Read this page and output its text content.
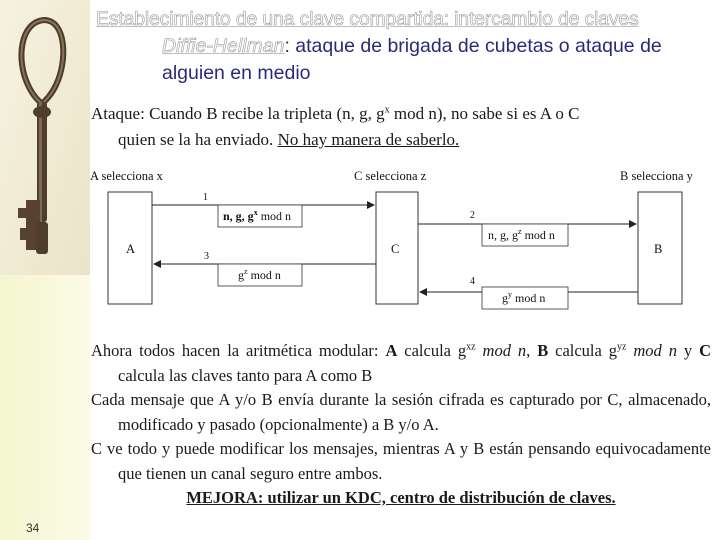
Establecimiento de una clave compartida: intercambio de claves
Diffie-Hellman: ataque de brigada de cubetas o ataque de
alguien en medio
Ataque: Cuando B recibe la tripleta (n, g, $g^x$ mod n), no sabe si es A o C
quien se la ha enviado. No hay manera de saberlo.
A selecciona x	C selecciona z	B selecciona y
A	C	B
1
n, g, $g^x$ mod n	2
n, g, $g^z$ mod n
3
$g^z$ mod n	4
$g^y$ mod n

Ahora todos hacen la aritmética modular: A calcula $g^{xz}$ mod n, B calcula $g^{yz}$ mod n y C calcula las claves tanto para A como B

Cada mensaje que A y/o B envía durante la sesión cifrada es capturado por C, almacenado, modificado y pasado (opcionalmente) a B y/o A.

C ve todo y puede modificar los mensajes, mientras A y B están pensando equivocadamente que tienen un canal seguro entre ambos.

MEJORA: utilizar un KDC, centro de distribución de claves.

34
